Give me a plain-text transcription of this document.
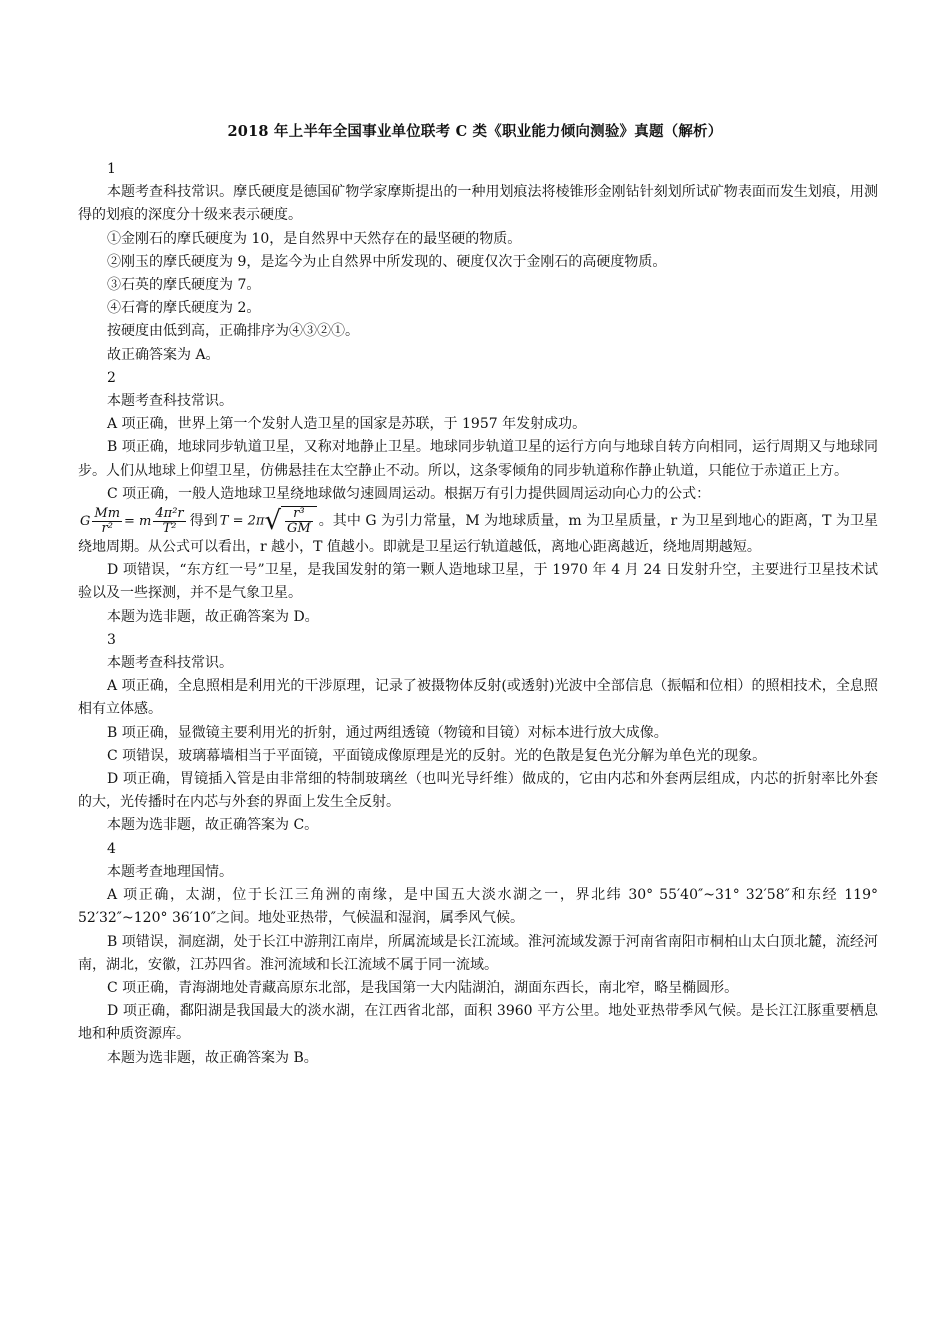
2018 年上半年全国事业单位联考 C 类《职业能力倾向测验》真题（解析）

1

本题考查科技常识。摩氏硬度是德国矿物学家摩斯提出的一种用划痕法将棱锥形金刚钻针刻划所试矿物表面而发生划痕，用测得的划痕的深度分十级来表示硬度。

①金刚石的摩氏硬度为 10，是自然界中天然存在的最坚硬的物质。

②刚玉的摩氏硬度为 9，是迄今为止自然界中所发现的、硬度仅次于金刚石的高硬度物质。

③石英的摩氏硬度为 7。

④石膏的摩氏硬度为 2。

按硬度由低到高，正确排序为④③②①。

故正确答案为 A。

2

本题考查科技常识。

A 项正确，世界上第一个发射人造卫星的国家是苏联，于 1957 年发射成功。

B 项正确，地球同步轨道卫星，又称对地静止卫星。地球同步轨道卫星的运行方向与地球自转方向相同，运行周期又与地球同步。人们从地球上仰望卫星，仿佛悬挂在太空静止不动。所以，这条零倾角的同步轨道称作静止轨道，只能位于赤道正上方。

C 项正确，一般人造地球卫星绕地球做匀速圆周运动。根据万有引力提供圆周运动向心力的公式：

G $\frac{Mm}{\text{r²}} = m \frac{\text{4π²r}}{\text{T²}}$ 得到 $T = 2\pi√ \frac{\text{r³}}{GM}$ 。其中 G 为引力常量，M 为地球质量，m 为卫星质量，r 为卫星到地心的距离，T 为卫星绕地周期。从公式可以看出，r 越小，T 值越小。即就是卫星运行轨道越低，离地心距离越近，绕地周期越短。

D 项错误，“东方红一号”卫星，是我国发射的第一颗人造地球卫星，于 1970 年 4 月 24 日发射升空，主要进行卫星技术试验以及一些探测，并不是气象卫星。

本题为选非题，故正确答案为 D。

3

本题考查科技常识。

A 项正确，全息照相是利用光的干涉原理，记录了被摄物体反射(或透射)光波中全部信息（振幅和位相）的照相技术，全息照相有立体感。

B 项正确，显微镜主要利用光的折射，通过两组透镜（物镜和目镜）对标本进行放大成像。

C 项错误，玻璃幕墙相当于平面镜，平面镜成像原理是光的反射。光的色散是复色光分解为单色光的现象。

D 项正确，胃镜插入管是由非常细的特制玻璃丝（也叫光导纤维）做成的，它由内芯和外套两层组成，内芯的折射率比外套的大，光传播时在内芯与外套的界面上发生全反射。

本题为选非题，故正确答案为 C。

4

本题考查地理国情。

A 项正确，太湖，位于长江三角洲的南缘，是中国五大淡水湖之一，界北纬 30° 55′40″~31° 32′58″和东经 119° 52′32″~120° 36′10″之间。地处亚热带，气候温和湿润，属季风气候。

B 项错误，洞庭湖，处于长江中游荆江南岸，所属流域是长江流域。淮河流域发源于河南省南阳市桐柏山太白顶北麓，流经河南，湖北，安徽，江苏四省。淮河流域和长江流域不属于同一流域。

C 项正确，青海湖地处青藏高原东北部，是我国第一大内陆湖泊，湖面东西长，南北窄，略呈椭圆形。

D 项正确，鄱阳湖是我国最大的淡水湖，在江西省北部，面积 3960 平方公里。地处亚热带季风气候。是长江江豚重要栖息地和种质资源库。

本题为选非题，故正确答案为 B。
